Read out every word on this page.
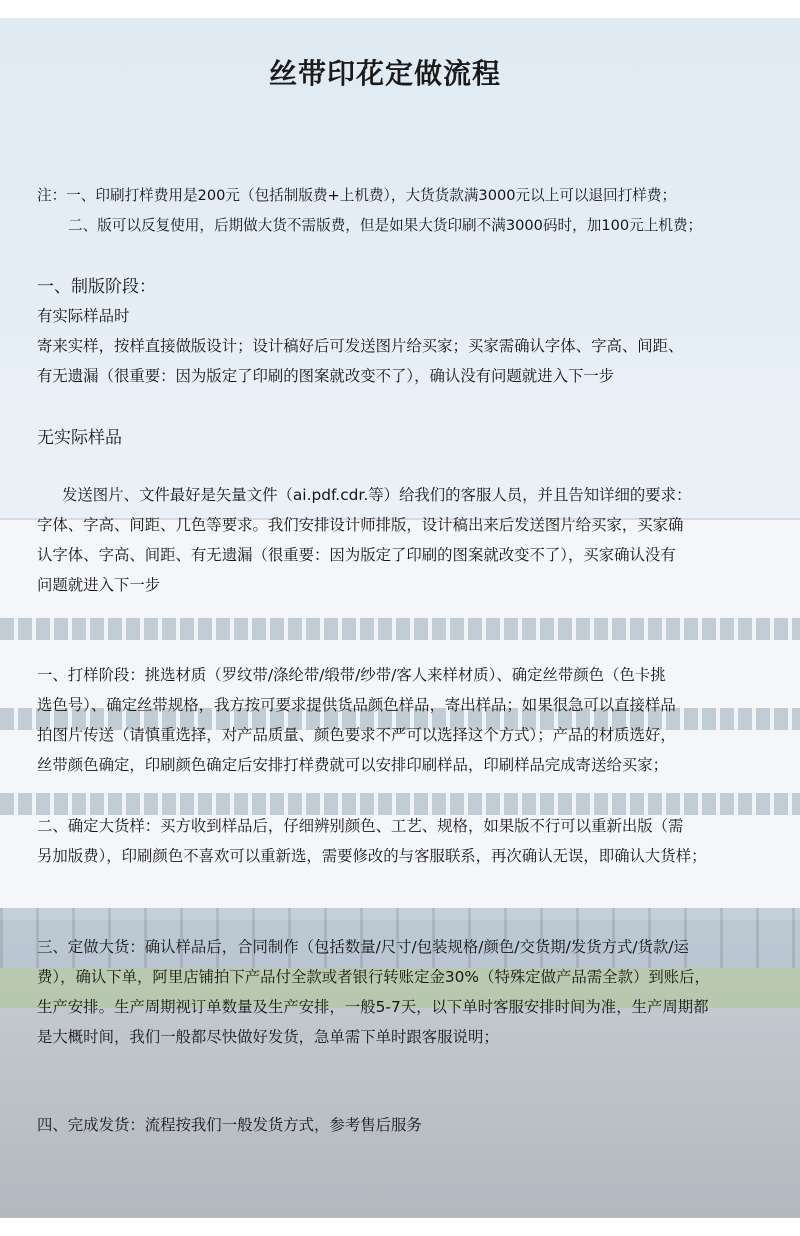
丝带印花定做流程
注：一、印刷打样费用是200元（包括制版费+上机费），大货货款满3000元以上可以退回打样费；
二、版可以反复使用，后期做大货不需版费，但是如果大货印刷不满3000码时，加100元上机费；
一、制版阶段：
有实际样品时
寄来实样，按样直接做版设计；设计稿好后可发送图片给买家；买家需确认字体、字高、间距、
有无遗漏（很重要：因为版定了印刷的图案就改变不了），确认没有问题就进入下一步
无实际样品
发送图片、文件最好是矢量文件（ai.pdf.cdr.等）给我们的客服人员，并且告知详细的要求：
字体、字高、间距、几色等要求。我们安排设计师排版，设计稿出来后发送图片给买家，买家确
认字体、字高、间距、有无遗漏（很重要：因为版定了印刷的图案就改变不了），买家确认没有
问题就进入下一步
一、打样阶段：挑选材质（罗纹带/涤纶带/缎带/纱带/客人来样材质）、确定丝带颜色（色卡挑
选色号）、确定丝带规格，我方按可要求提供货品颜色样品，寄出样品；如果很急可以直接样品
拍图片传送（请慎重选择，对产品质量、颜色要求不严可以选择这个方式）；产品的材质选好，
丝带颜色确定，印刷颜色确定后安排打样费就可以安排印刷样品，印刷样品完成寄送给买家；
二、确定大货样：买方收到样品后，仔细辨别颜色、工艺、规格，如果版不行可以重新出版（需
另加版费），印刷颜色不喜欢可以重新选，需要修改的与客服联系，再次确认无误，即确认大货样；
三、定做大货：确认样品后，合同制作（包括数量/尺寸/包装规格/颜色/交货期/发货方式/货款/运
费），确认下单，阿里店铺拍下产品付全款或者银行转账定金30%（特殊定做产品需全款）到账后，
生产安排。生产周期视订单数量及生产安排，一般5-7天，以下单时客服安排时间为准，生产周期都
是大概时间，我们一般都尽快做好发货，急单需下单时跟客服说明；
四、完成发货：流程按我们一般发货方式，参考售后服务
